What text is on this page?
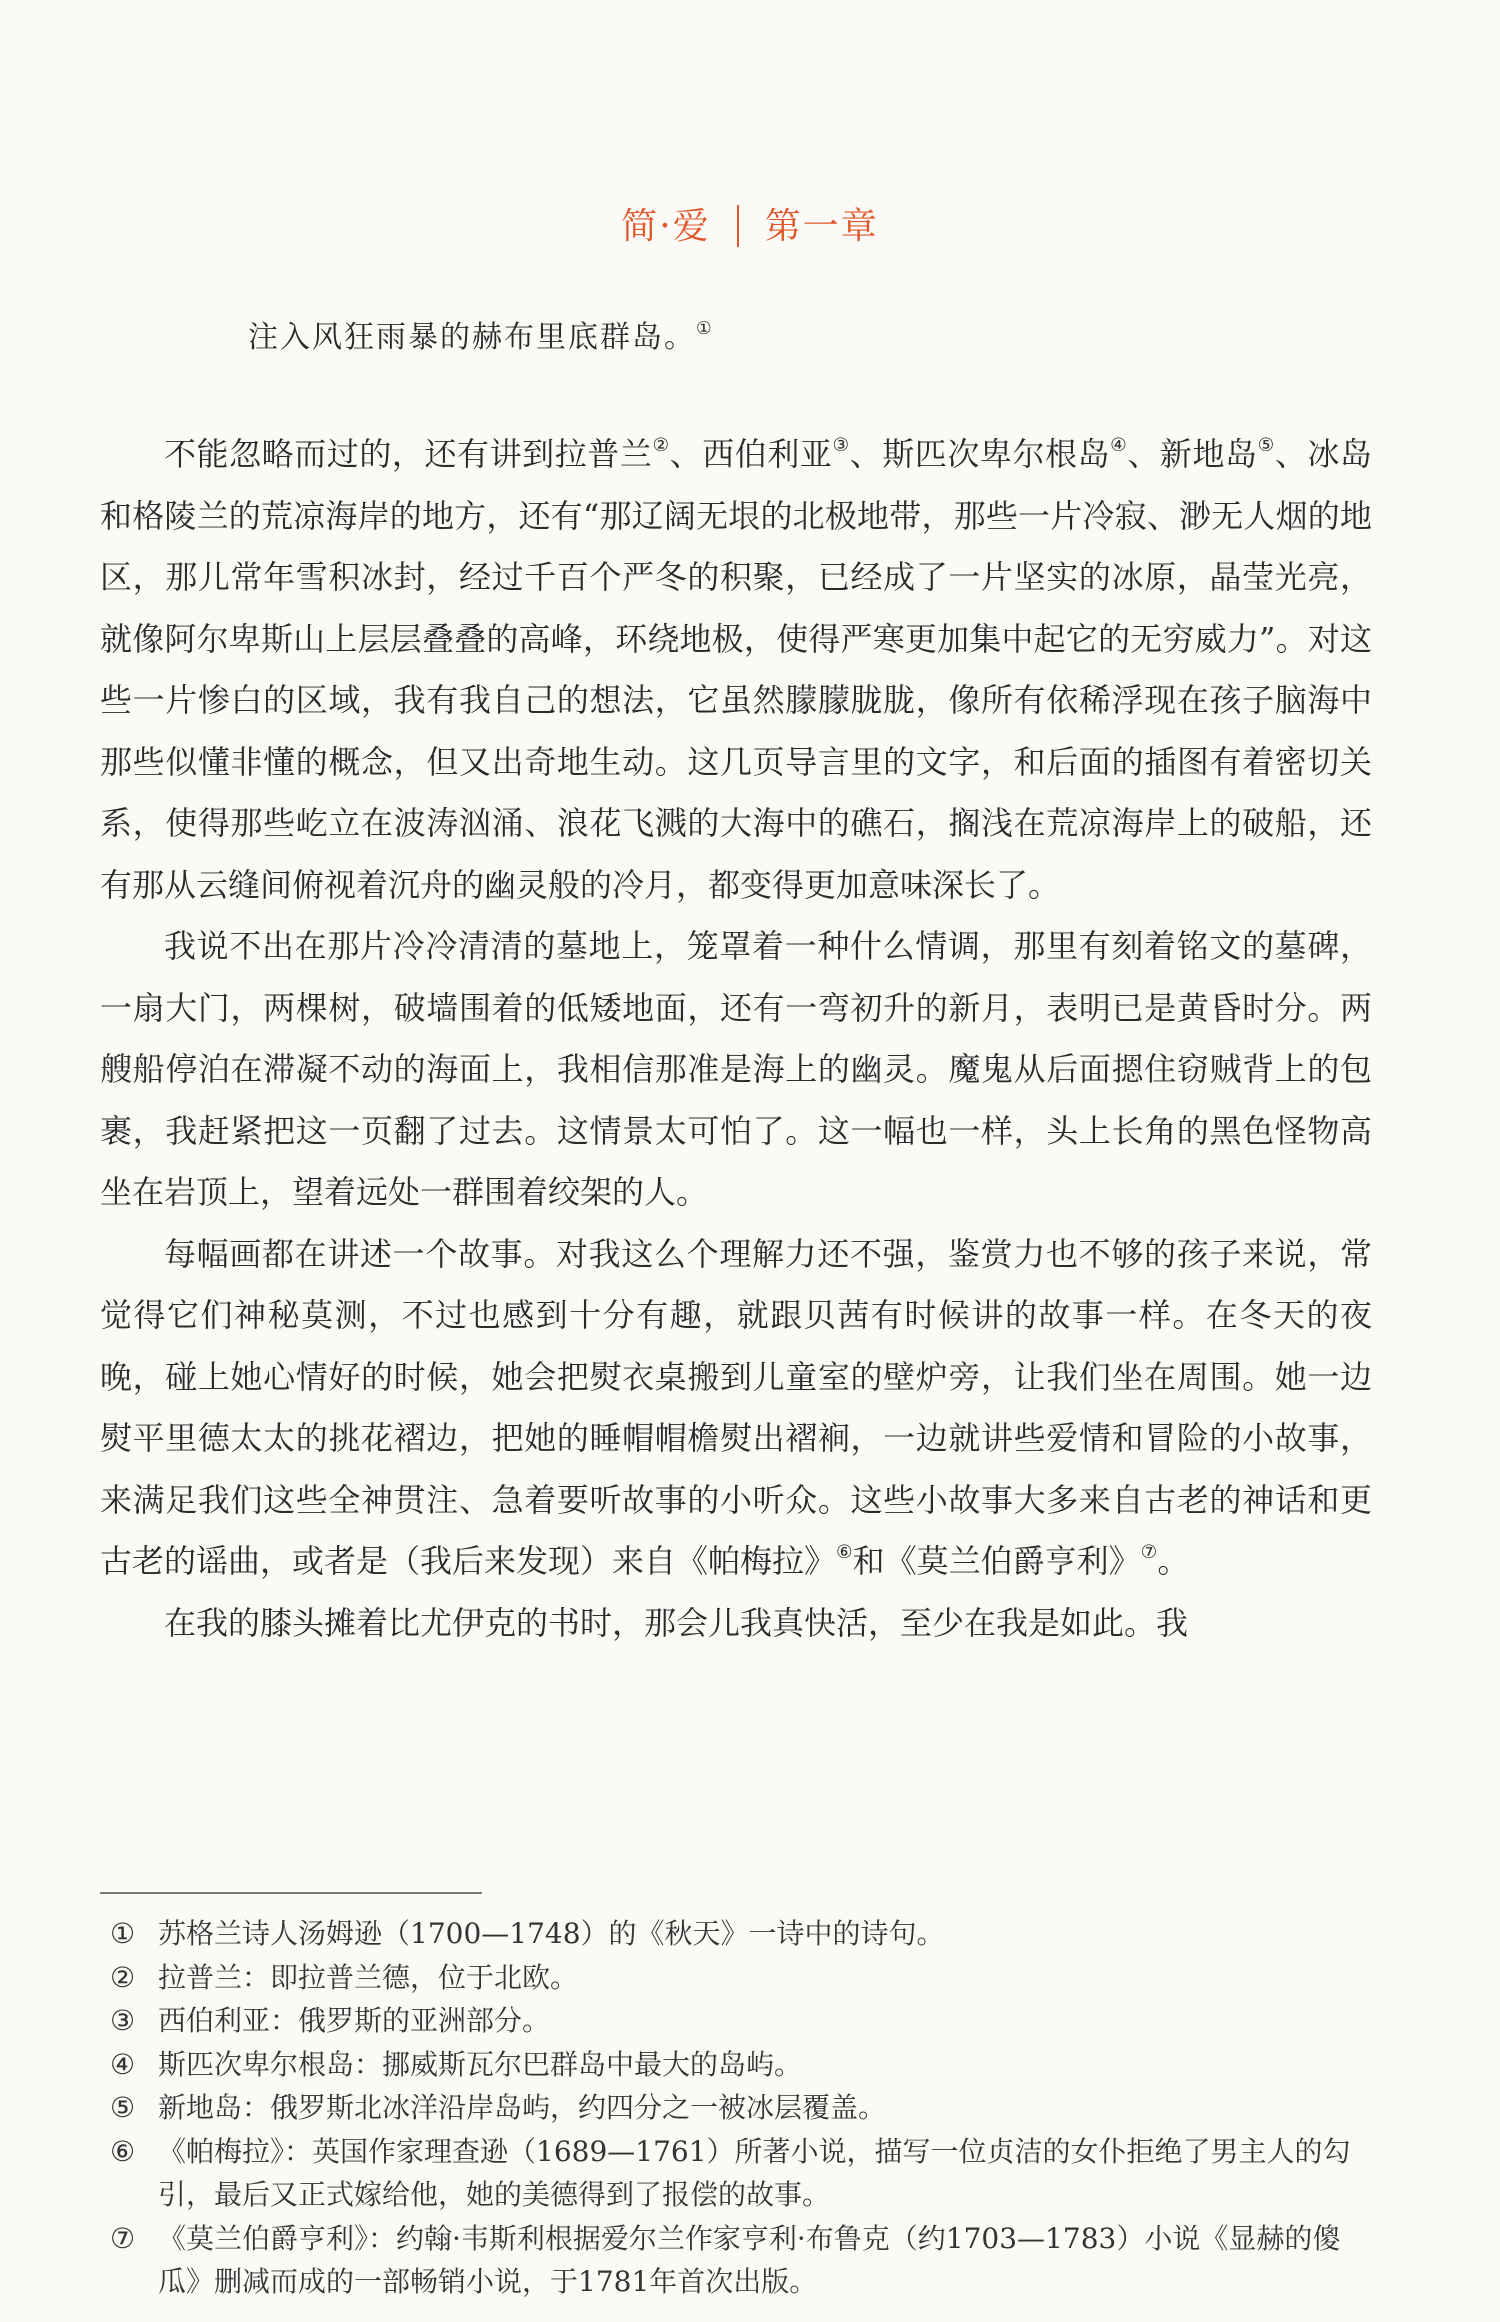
简·爱 第一章
注入风狂雨暴的赫布里底群岛。①

不能忽略而过的，还有讲到拉普兰②、西伯利亚③、斯匹次卑尔根岛④、新地岛⑤、冰岛和格陵兰的荒凉海岸的地方，还有“那辽阔无垠的北极地带，那些一片冷寂、渺无人烟的地区，那儿常年雪积冰封，经过千百个严冬的积聚，已经成了一片坚实的冰原，晶莹光亮，就像阿尔卑斯山上层层叠叠的高峰，环绕地极，使得严寒更加集中起它的无穷威力”。对这些一片惨白的区域，我有我自己的想法，它虽然朦朦胧胧，像所有依稀浮现在孩子脑海中那些似懂非懂的概念，但又出奇地生动。这几页导言里的文字，和后面的插图有着密切关系，使得那些屹立在波涛汹涌、浪花飞溅的大海中的礁石，搁浅在荒凉海岸上的破船，还有那从云缝间俯视着沉舟的幽灵般的冷月，都变得更加意味深长了。

我说不出在那片冷冷清清的墓地上，笼罩着一种什么情调，那里有刻着铭文的墓碑，一扇大门，两棵树，破墙围着的低矮地面，还有一弯初升的新月，表明已是黄昏时分。两艘船停泊在滞凝不动的海面上，我相信那准是海上的幽灵。魔鬼从后面摁住窃贼背上的包裹，我赶紧把这一页翻了过去。这情景太可怕了。这一幅也一样，头上长角的黑色怪物高坐在岩顶上，望着远处一群围着绞架的人。

每幅画都在讲述一个故事。对我这么个理解力还不强，鉴赏力也不够的孩子来说，常觉得它们神秘莫测，不过也感到十分有趣，就跟贝茜有时候讲的故事一样。在冬天的夜晚，碰上她心情好的时候，她会把熨衣桌搬到儿童室的壁炉旁，让我们坐在周围。她一边熨平里德太太的挑花褶边，把她的睡帽帽檐熨出褶裥，一边就讲些爱情和冒险的小故事，来满足我们这些全神贯注、急着要听故事的小听众。这些小故事大多来自古老的神话和更古老的谣曲，或者是（我后来发现）来自《帕梅拉》⑥和《莫兰伯爵亨利》⑦。

在我的膝头摊着比尤伊克的书时，那会儿我真快活，至少在我是如此。我

① 苏格兰诗人汤姆逊（1700—1748）的《秋天》一诗中的诗句。
② 拉普兰：即拉普兰德，位于北欧。
③ 西伯利亚：俄罗斯的亚洲部分。
④ 斯匹次卑尔根岛：挪威斯瓦尔巴群岛中最大的岛屿。
⑤ 新地岛：俄罗斯北冰洋沿岸岛屿，约四分之一被冰层覆盖。
⑥ 《帕梅拉》：英国作家理查逊（1689—1761）所著小说，描写一位贞洁的女仆拒绝了男主人的勾引，最后又正式嫁给他，她的美德得到了报偿的故事。
⑦ 《莫兰伯爵亨利》：约翰·韦斯利根据爱尔兰作家亨利·布鲁克（约1703—1783）小说《显赫的傻瓜》删减而成的一部畅销小说，于1781年首次出版。
